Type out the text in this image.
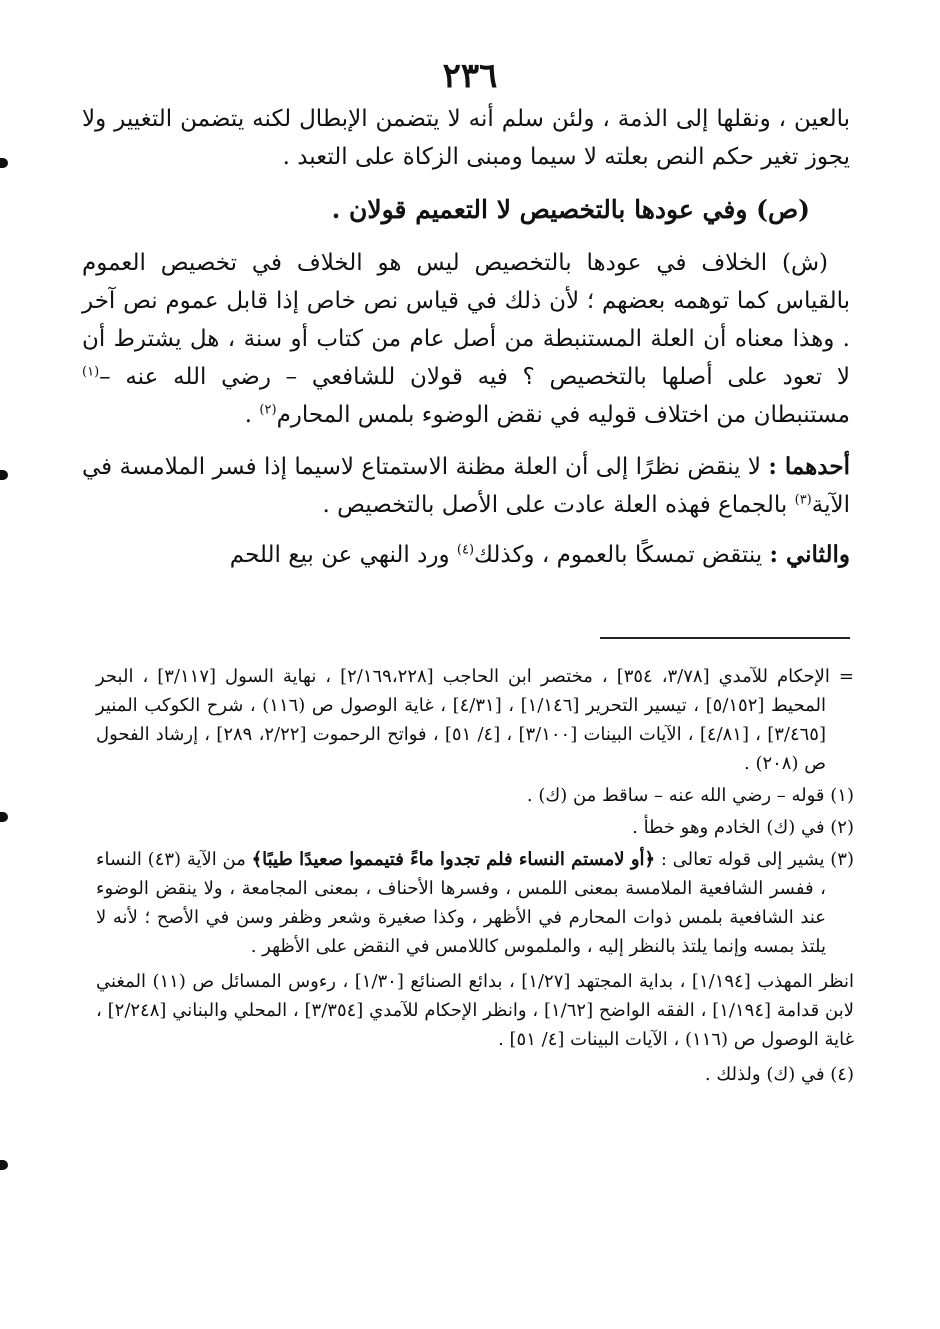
٢٣٦

بالعين ، ونقلها إلى الذمة ، ولئن سلم أنه لا يتضمن الإبطال لكنه يتضمن التغيير ولا يجوز تغير حكم النص بعلته لا سيما ومبنى الزكاة على التعبد .

(ص) وفي عودها بالتخصيص لا التعميم قولان .

(ش) الخلاف في عودها بالتخصيص ليس هو الخلاف في تخصيص العموم بالقياس كما توهمه بعضهم ؛ لأن ذلك في قياس نص خاص إذا قابل عموم نص آخر . وهذا معناه أن العلة المستنبطة من أصل عام من كتاب أو سنة ، هل يشترط أن لا تعود على أصلها بالتخصيص ؟ فيه قولان للشافعي – رضي الله عنه –$^{(١)}$ مستنبطان من اختلاف قوليه في نقض الوضوء بلمس المحارم$^{(٢)}$ .

أحدهما : لا ينقض نظرًا إلى أن العلة مظنة الاستمتاع لاسيما إذا فسر الملامسة في الآية$^{(٣)}$ بالجماع فهذه العلة عادت على الأصل بالتخصيص .

والثاني : ينتقض تمسكًا بالعموم ، وكذلك$^{(٤)}$ ورد النهي عن بيع اللحم

= الإحكام للآمدي [٣/٧٨، ٣٥٤] ، مختصر ابن الحاجب [٢/١٦٩،٢٢٨] ، نهاية السول [٣/١١٧] ، البحر المحيط [٥/١٥٢] ، تيسير التحرير [١/١٤٦] ، [٤/٣١] ، غاية الوصول ص (١١٦) ، شرح الكوكب المنير [٣/٤٦٥] ، [٤/٨١] ، الآيات البينات [٣/١٠٠] ، [٤/ ٥١] ، فواتح الرحموت [٢/٢٢، ٢٨٩] ، إرشاد الفحول ص (٢٠٨) .

(١) قوله – رضي الله عنه – ساقط من (ك) .

(٢) في (ك) الخادم وهو خطأ .

(٣) يشير إلى قوله تعالى : ﴿أو لامستم النساء فلم تجدوا ماءً فتيمموا صعيدًا طيبًا﴾ من الآية (٤٣) النساء ، ففسر الشافعية الملامسة بمعنى اللمس ، وفسرها الأحناف ، بمعنى المجامعة ، ولا ينقض الوضوء عند الشافعية بلمس ذوات المحارم في الأظهر ، وكذا صغيرة وشعر وظفر وسن في الأصح ؛ لأنه لا يلتذ بمسه وإنما يلتذ بالنظر إليه ، والملموس كاللامس في النقض على الأظهر .

انظر المهذب [١/١٩٤] ، بداية المجتهد [١/٢٧] ، بدائع الصنائع [١/٣٠] ، رءوس المسائل ص (١١) المغني لابن قدامة [١/١٩٤] ، الفقه الواضح [١/٦٢] ، وانظر الإحكام للآمدي [٣/٣٥٤] ، المحلي والبناني [٢/٢٤٨] ، غاية الوصول ص (١١٦) ، الآيات البينات [٤/ ٥١] .

(٤) في (ك) ولذلك .
